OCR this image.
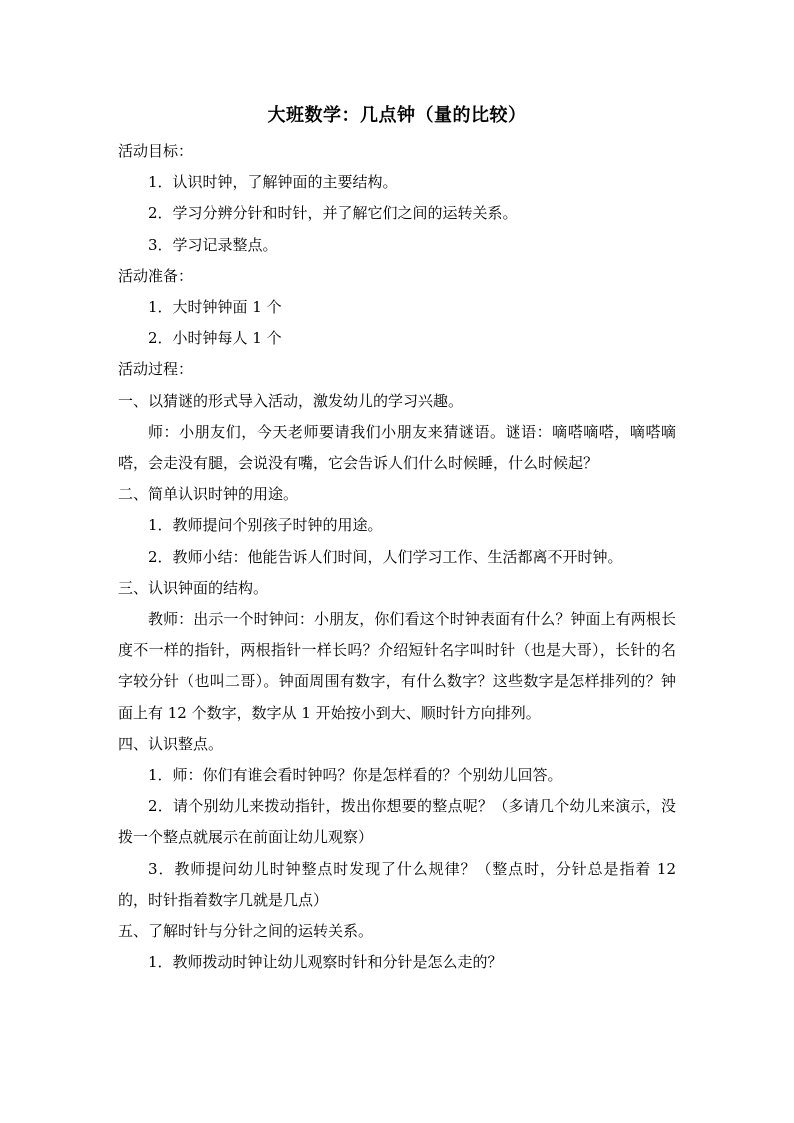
大班数学：几点钟（量的比较）

活动目标：

1．认识时钟，了解钟面的主要结构。

2．学习分辨分针和时针，并了解它们之间的运转关系。

3．学习记录整点。

活动准备：

1．大时钟钟面 1 个

2．小时钟每人 1 个

活动过程：

一、以猜谜的形式导入活动，激发幼儿的学习兴趣。

师：小朋友们，今天老师要请我们小朋友来猜谜语。谜语：嘀嗒嘀嗒，嘀嗒嘀嗒，会走没有腿，会说没有嘴，它会告诉人们什么时候睡，什么时候起？

二、简单认识时钟的用途。

1．教师提问个别孩子时钟的用途。

2．教师小结：他能告诉人们时间，人们学习工作、生活都离不开时钟。

三、认识钟面的结构。

教师：出示一个时钟问：小朋友，你们看这个时钟表面有什么？钟面上有两根长度不一样的指针，两根指针一样长吗？介绍短针名字叫时针（也是大哥），长针的名字较分针（也叫二哥）。钟面周围有数字，有什么数字？这些数字是怎样排列的？钟面上有 12 个数字，数字从 1 开始按小到大、顺时针方向排列。

四、认识整点。

1．师：你们有谁会看时钟吗？你是怎样看的？个别幼儿回答。

2．请个别幼儿来拨动指针，拨出你想要的整点呢？（多请几个幼儿来演示，没拨一个整点就展示在前面让幼儿观察）

3．教师提问幼儿时钟整点时发现了什么规律？（整点时，分针总是指着 12 的，时针指着数字几就是几点）

五、了解时针与分针之间的运转关系。

1．教师拨动时钟让幼儿观察时针和分针是怎么走的？
